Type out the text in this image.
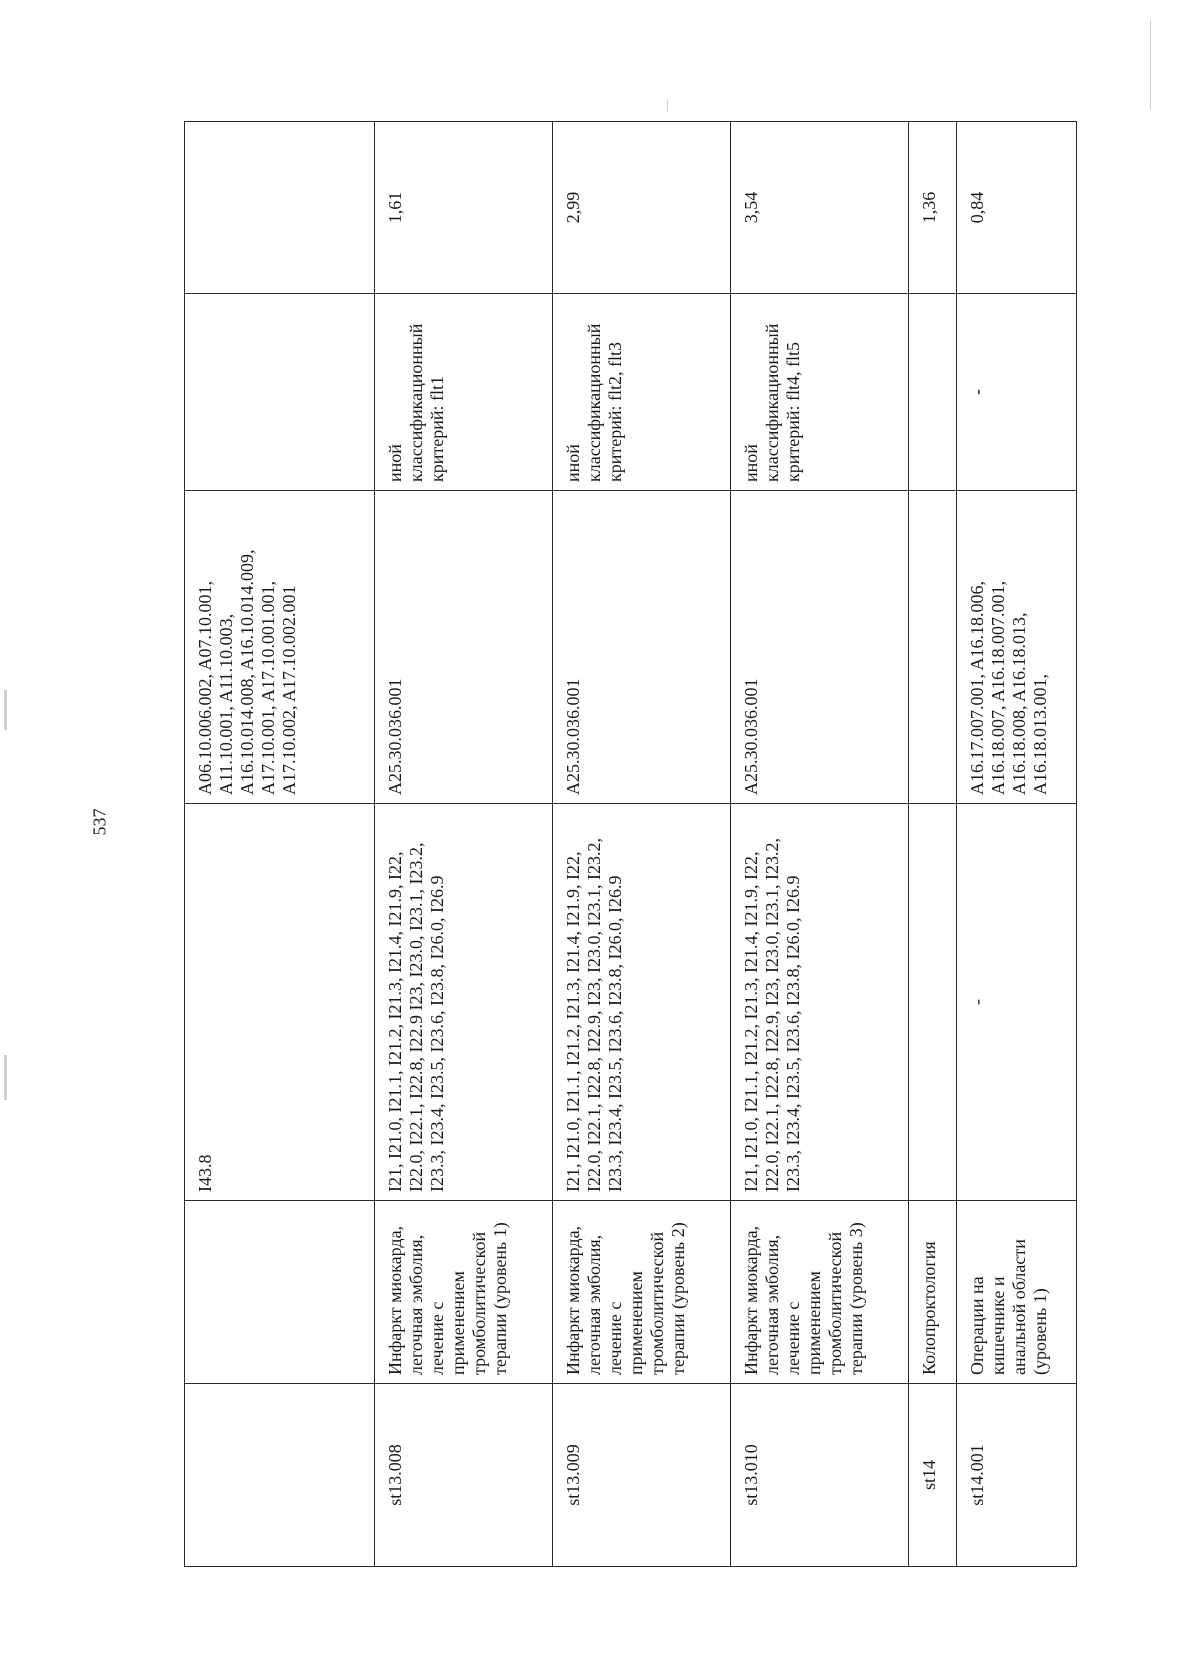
537
		I43.8	A06.10.006.002, A07.10.001, A11.10.001, A11.10.003, A16.10.014.008, A16.10.014.009, A17.10.001, A17.10.001.001, A17.10.002, A17.10.002.001		
st13.008	Инфаркт миокарда, легочная эмболия, лечение с применением тромболитической терапии (уровень 1)	I21, I21.0, I21.1, I21.2, I21.3, I21.4, I21.9, I22, I22.0, I22.1, I22.8, I22.9 I23, I23.0, I23.1, I23.2, I23.3, I23.4, I23.5, I23.6, I23.8, I26.0, I26.9	A25.30.036.001	иной классификационный критерий: flt1	1,61
st13.009	Инфаркт миокарда, легочная эмболия, лечение с применением тромболитической терапии (уровень 2)	I21, I21.0, I21.1, I21.2, I21.3, I21.4, I21.9, I22, I22.0, I22.1, I22.8, I22.9, I23, I23.0, I23.1, I23.2, I23.3, I23.4, I23.5, I23.6, I23.8, I26.0, I26.9	A25.30.036.001	иной классификационный критерий: flt2, flt3	2,99
st13.010	Инфаркт миокарда, легочная эмболия, лечение с применением тромболитической терапии (уровень 3)	I21, I21.0, I21.1, I21.2, I21.3, I21.4, I21.9, I22, I22.0, I22.1, I22.8, I22.9, I23, I23.0, I23.1, I23.2, I23.3, I23.4, I23.5, I23.6, I23.8, I26.0, I26.9	A25.30.036.001	иной классификационный критерий: flt4, flt5	3,54
st14	Колопроктология				1,36
st14.001	Операции на кишечнике и анальной области (уровень 1)	-	A16.17.007.001, A16.18.006, A16.18.007, A16.18.007.001, A16.18.008, A16.18.013, A16.18.013.001,	-	0,84
